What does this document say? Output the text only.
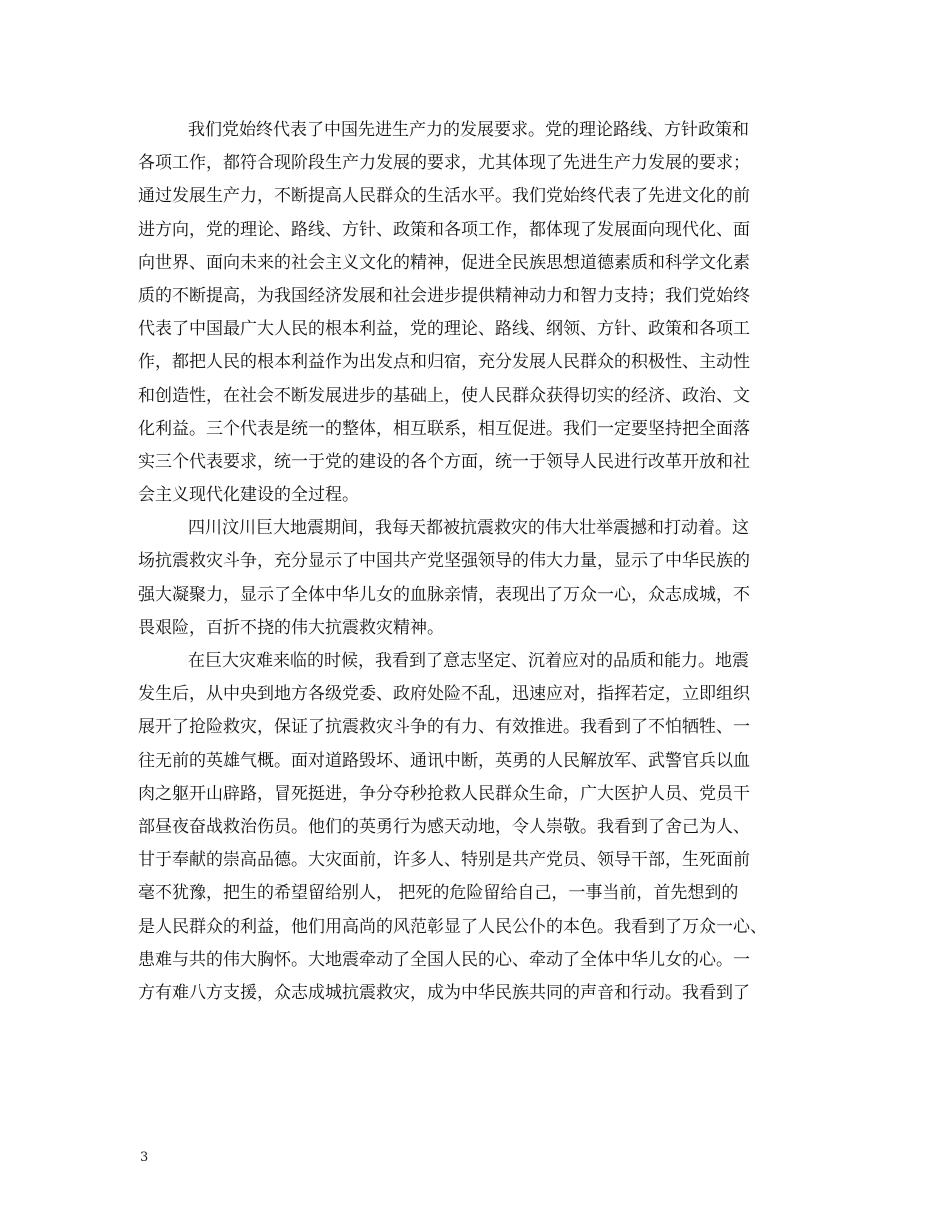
我们党始终代表了中国先进生产力的发展要求。党的理论路线、方针政策和
各项工作，都符合现阶段生产力发展的要求，尤其体现了先进生产力发展的要求；
通过发展生产力，不断提高人民群众的生活水平。我们党始终代表了先进文化的前
进方向，党的理论、路线、方针、政策和各项工作，都体现了发展面向现代化、面
向世界、面向未来的社会主义文化的精神，促进全民族思想道德素质和科学文化素
质的不断提高，为我国经济发展和社会进步提供精神动力和智力支持；我们党始终
代表了中国最广大人民的根本利益，党的理论、路线、纲领、方针、政策和各项工
作，都把人民的根本利益作为出发点和归宿，充分发展人民群众的积极性、主动性
和创造性，在社会不断发展进步的基础上，使人民群众获得切实的经济、政治、文
化利益。三个代表是统一的整体，相互联系，相互促进。我们一定要坚持把全面落
实三个代表要求，统一于党的建设的各个方面，统一于领导人民进行改革开放和社
会主义现代化建设的全过程。

四川汶川巨大地震期间，我每天都被抗震救灾的伟大壮举震撼和打动着。这
场抗震救灾斗争，充分显示了中国共产党坚强领导的伟大力量，显示了中华民族的
强大凝聚力，显示了全体中华儿女的血脉亲情，表现出了万众一心，众志成城，不
畏艰险，百折不挠的伟大抗震救灾精神。

在巨大灾难来临的时候，我看到了意志坚定、沉着应对的品质和能力。地震
发生后，从中央到地方各级党委、政府处险不乱，迅速应对，指挥若定，立即组织
展开了抢险救灾，保证了抗震救灾斗争的有力、有效推进。我看到了不怕牺牲、一
往无前的英雄气概。面对道路毁坏、通讯中断，英勇的人民解放军、武警官兵以血
肉之躯开山辟路，冒死挺进，争分夺秒抢救人民群众生命，广大医护人员、党员干
部昼夜奋战救治伤员。他们的英勇行为感天动地，令人崇敬。我看到了舍己为人、
甘于奉献的崇高品德。大灾面前，许多人、特别是共产党员、领导干部，生死面前
毫不犹豫，把生的希望留给别人， 把死的危险留给自己，一事当前，首先想到的
是人民群众的利益，他们用高尚的风范彰显了人民公仆的本色。我看到了万众一心、
患难与共的伟大胸怀。大地震牵动了全国人民的心、牵动了全体中华儿女的心。一
方有难八方支援，众志成城抗震救灾，成为中华民族共同的声音和行动。我看到了

3
